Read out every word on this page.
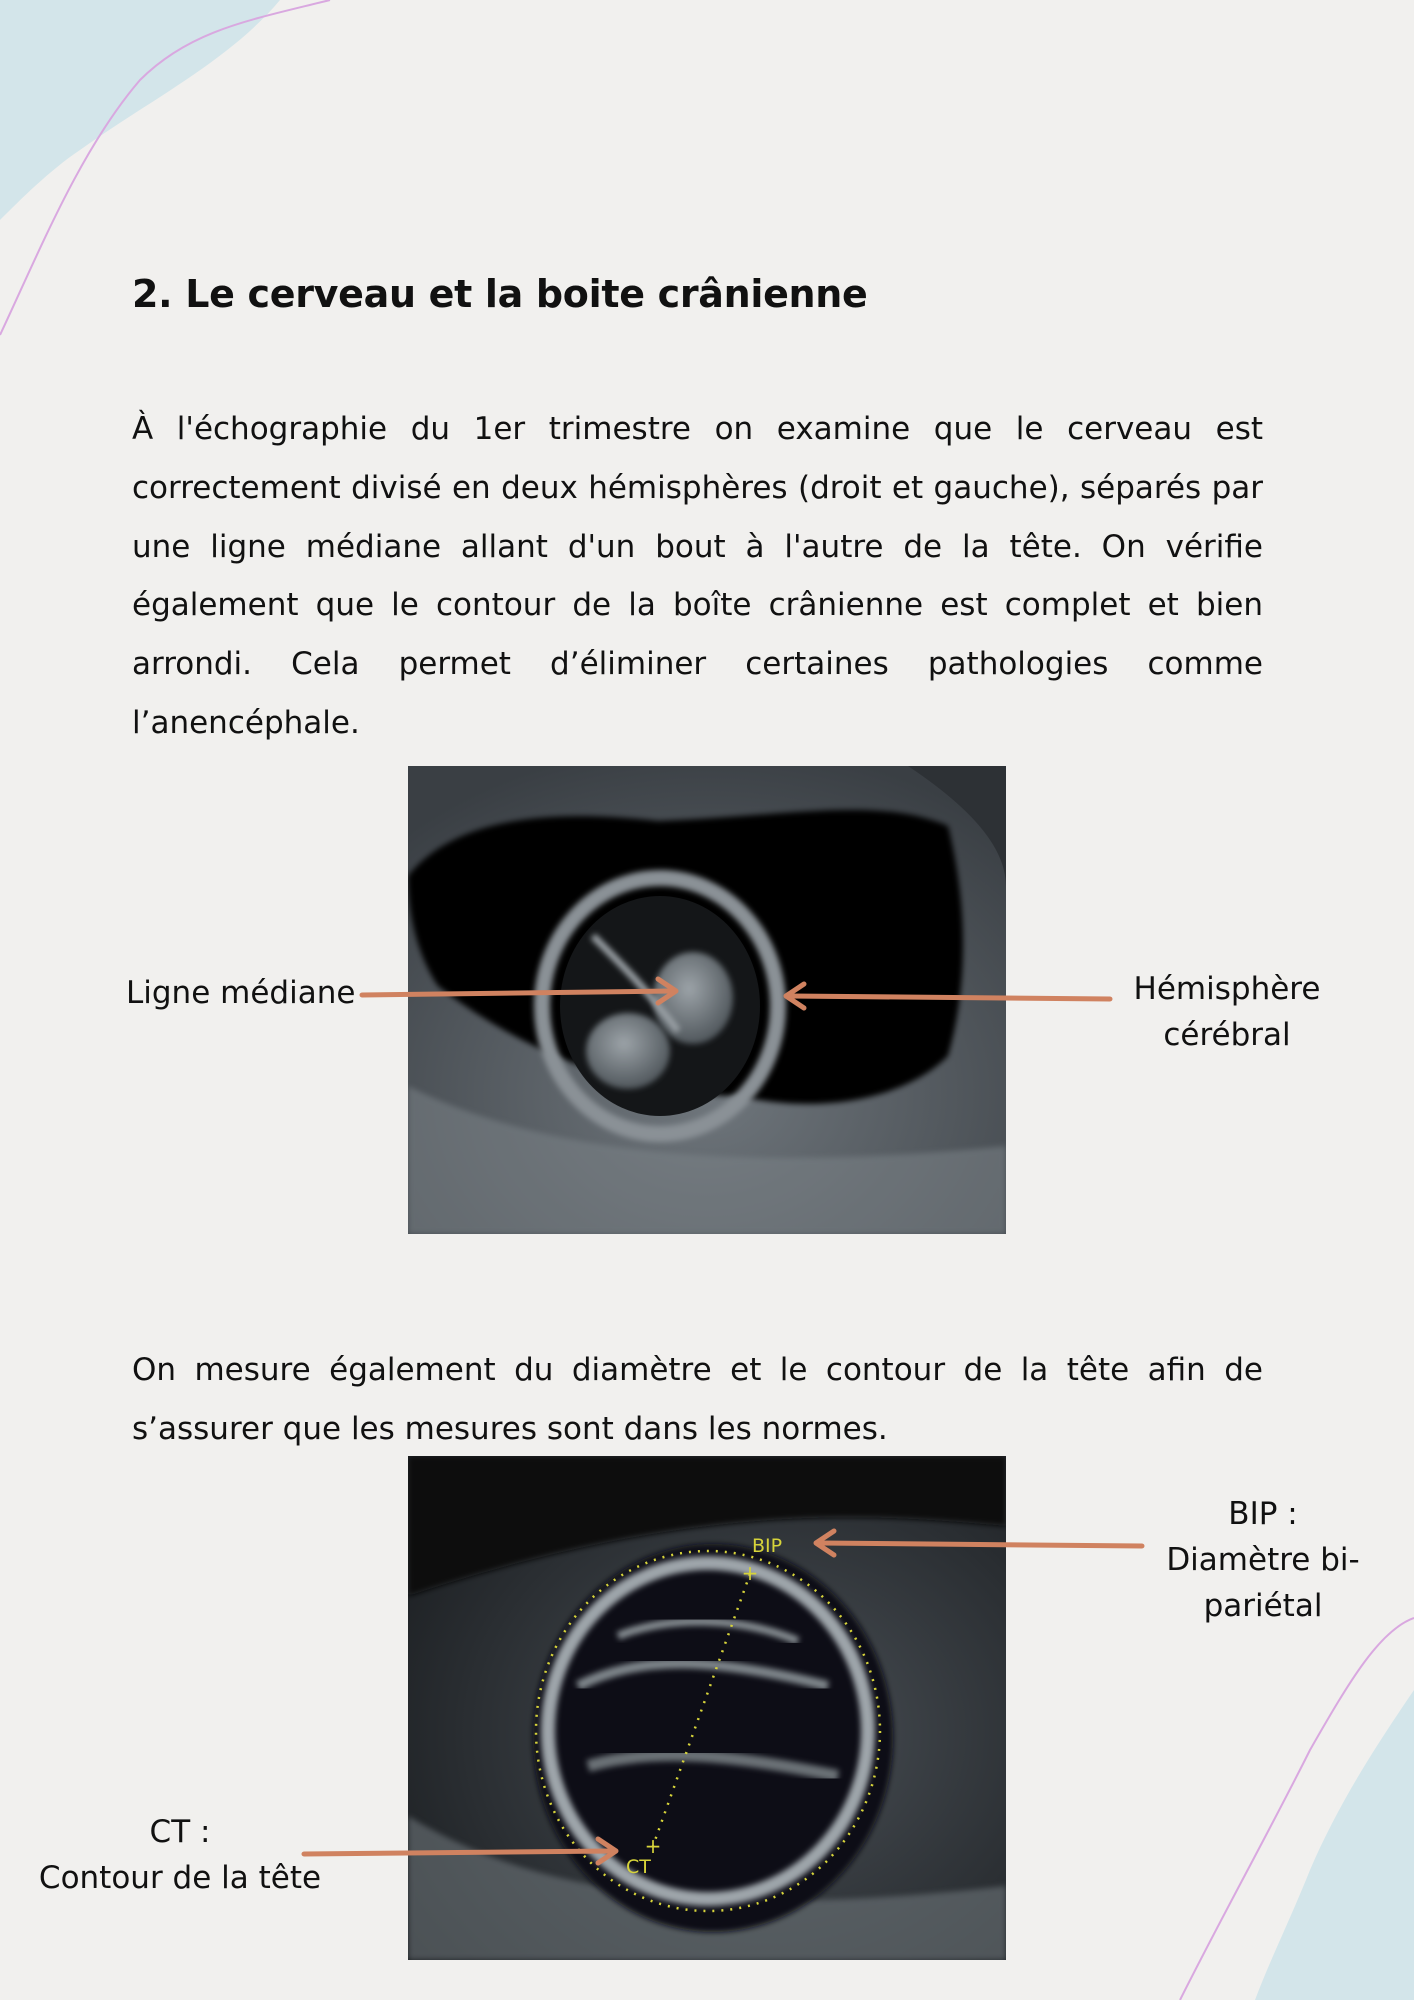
2. Le cerveau et la boite crânienne

À l'échographie du 1er trimestre on examine que le cerveau est correctement divisé en deux hémisphères (droit et gauche), séparés par une ligne médiane allant d'un bout à l'autre de la tête. On vérifie également que le contour de la boîte crânienne est complet et bien arrondi. Cela permet d’éliminer certaines pathologies comme l’anencéphale.

Ligne médiane	Hémisphère
cérébral

On mesure également du diamètre et le contour de la tête afin de s’assurer que les mesures sont dans les normes.

+
+
BIP
CT
BIP :
Diamètre bi-
pariétal
CT :
Contour de la tête
